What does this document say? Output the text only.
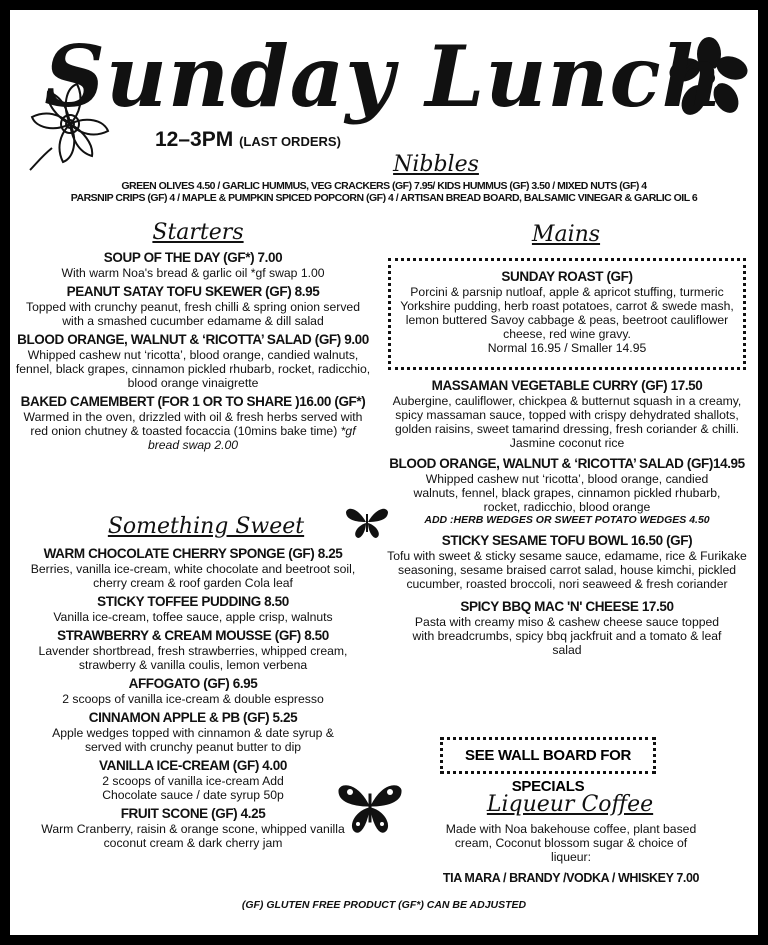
Sunday Lunch
12–3PM (LAST ORDERS)
Nibbles
GREEN OLIVES 4.50 / GARLIC HUMMUS, VEG CRACKERS (GF) 7.95/ KIDS HUMMUS (GF) 3.50 / MIXED NUTS (GF) 4
PARSNIP CRIPS (GF) 4 / MAPLE & PUMPKIN SPICED POPCORN (GF) 4 / ARTISAN BREAD BOARD, BALSAMIC VINEGAR & GARLIC OIL 6
Starters
SOUP OF THE DAY (GF*) 7.00
With warm Noa's bread & garlic oil *gf swap 1.00
PEANUT SATAY TOFU SKEWER (GF) 8.95
Topped with crunchy peanut, fresh chilli & spring onion served with a smashed cucumber edamame & dill salad
BLOOD ORANGE, WALNUT & ‘RICOTTA’ SALAD (GF) 9.00
Whipped cashew nut ‘ricotta’, blood orange, candied walnuts, fennel, black grapes, cinnamon pickled rhubarb, rocket, radicchio, blood orange vinaigrette
BAKED CAMEMBERT (FOR 1 OR TO SHARE )16.00 (GF*)
Warmed in the oven, drizzled with oil & fresh herbs served with red onion chutney & toasted focaccia (10mins bake time) *gf bread swap 2.00
Something Sweet
WARM CHOCOLATE CHERRY SPONGE (GF) 8.25
Berries, vanilla ice-cream, white chocolate and beetroot soil, cherry cream & roof garden Cola leaf
STICKY TOFFEE PUDDING 8.50
Vanilla ice-cream, toffee sauce, apple crisp, walnuts
STRAWBERRY & CREAM MOUSSE (GF) 8.50
Lavender shortbread, fresh strawberries, whipped cream, strawberry & vanilla coulis, lemon verbena
AFFOGATO (GF) 6.95
2 scoops of vanilla ice-cream & double espresso
CINNAMON APPLE & PB (GF) 5.25
Apple wedges topped with cinnamon & date syrup & served with crunchy peanut butter to dip
VANILLA ICE-CREAM (GF) 4.00
2 scoops of vanilla ice-cream Add Chocolate sauce / date syrup 50p
FRUIT SCONE (GF) 4.25
Warm Cranberry, raisin & orange scone, whipped vanilla coconut cream & dark cherry jam
Mains
SUNDAY ROAST (GF)
Porcini & parsnip nutloaf, apple & apricot stuffing, turmeric Yorkshire pudding, herb roast potatoes, carrot & swede mash, lemon buttered Savoy cabbage & peas, beetroot cauliflower cheese, red wine gravy.
Normal 16.95 / Smaller 14.95
MASSAMAN VEGETABLE CURRY (GF) 17.50
Aubergine, cauliflower, chickpea & butternut squash in a creamy, spicy massaman sauce, topped with crispy dehydrated shallots, golden raisins, sweet tamarind dressing, fresh coriander & chilli. Jasmine coconut rice
BLOOD ORANGE, WALNUT & ‘RICOTTA’ SALAD (GF)14.95
Whipped cashew nut ‘ricotta’, blood orange, candied walnuts, fennel, black grapes, cinnamon pickled rhubarb, rocket, radicchio, blood orange
ADD :HERB WEDGES OR SWEET POTATO WEDGES 4.50
STICKY SESAME TOFU BOWL 16.50 (GF)
Tofu with sweet & sticky sesame sauce, edamame, rice & Furikake seasoning, sesame braised carrot salad, house kimchi, pickled cucumber, roasted broccoli, nori seaweed & fresh coriander
SPICY BBQ MAC 'N' CHEESE 17.50
Pasta with creamy miso & cashew cheese sauce topped with breadcrumbs, spicy bbq jackfruit and a tomato & leaf salad
SEE WALL BOARD FOR SPECIALS
Liqueur Coffee
Made with Noa bakehouse coffee, plant based cream, Coconut blossom sugar & choice of liqueur:
TIA MARA / BRANDY /VODKA / WHISKEY 7.00
(GF) GLUTEN FREE PRODUCT (GF*) CAN BE ADJUSTED
